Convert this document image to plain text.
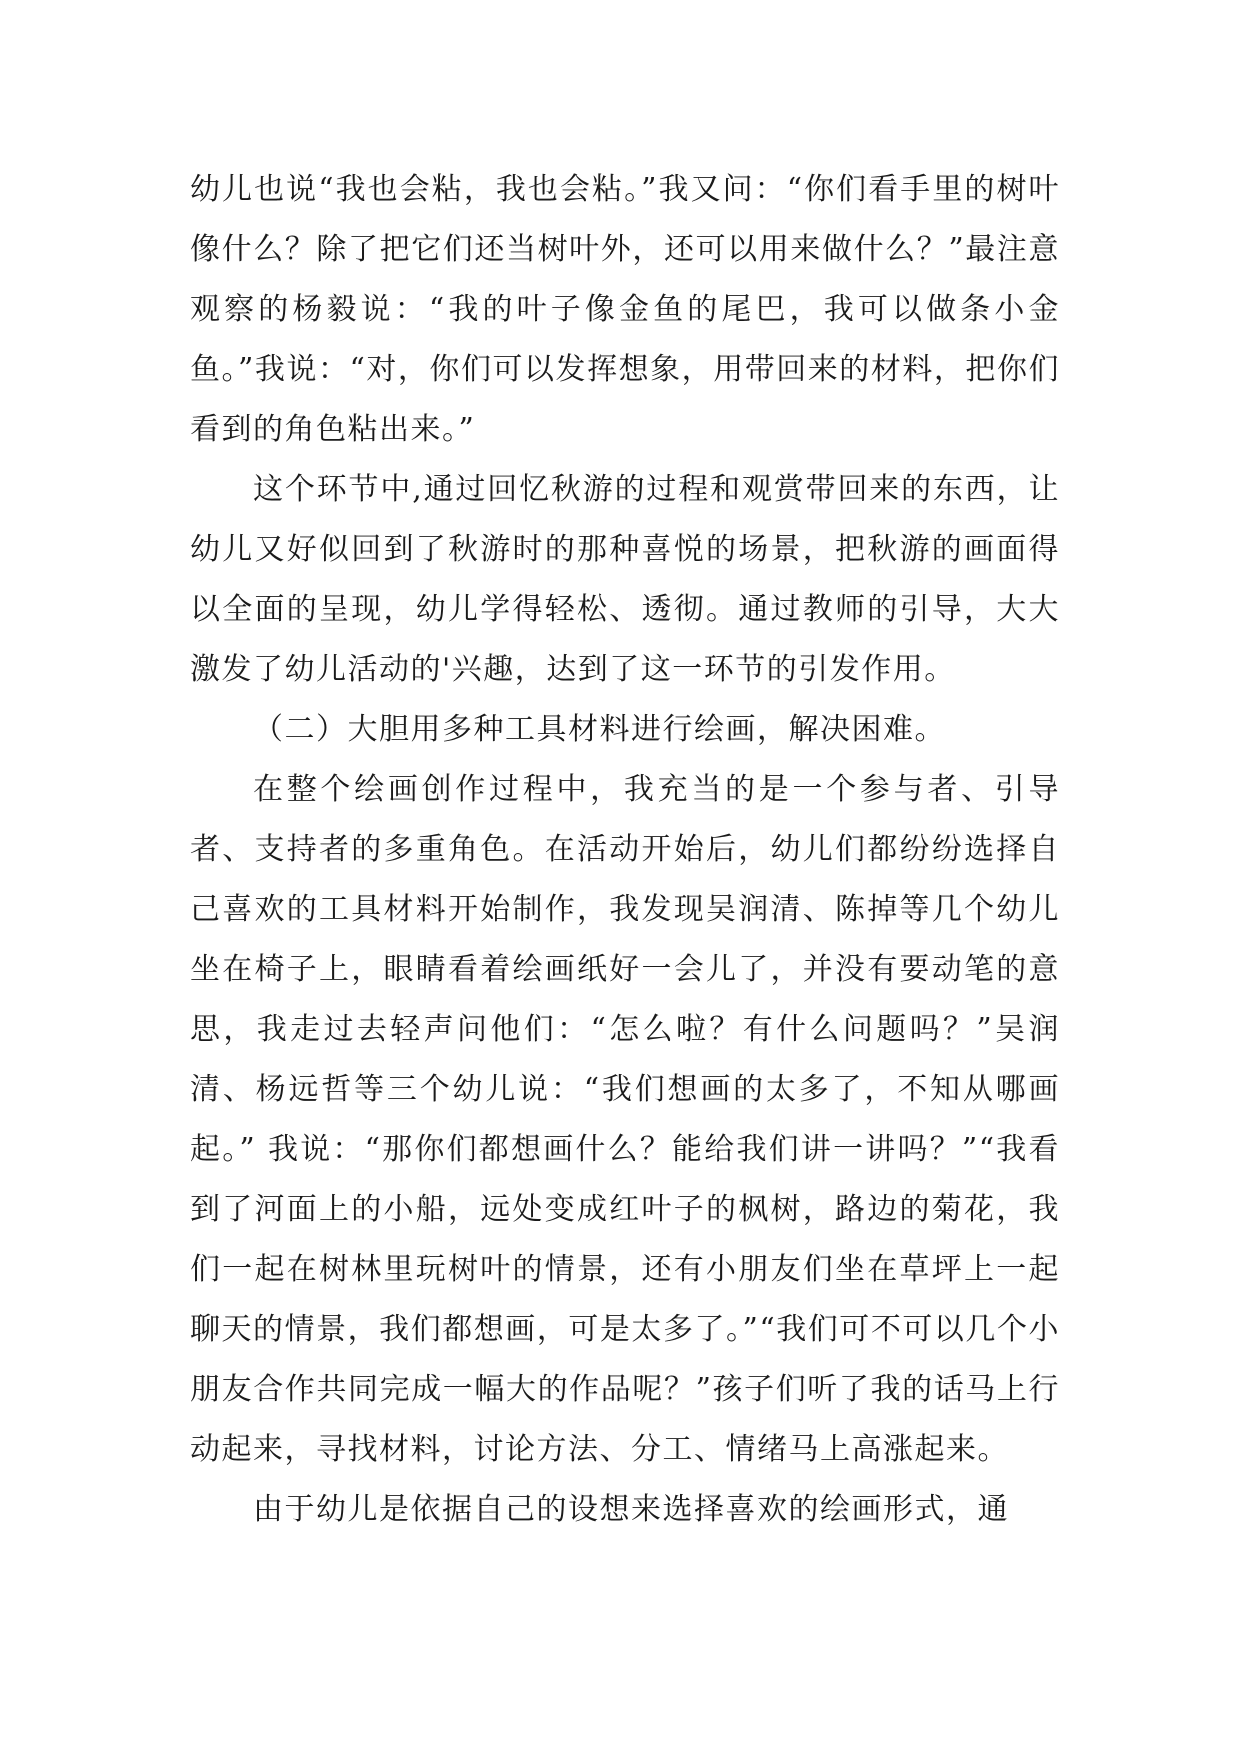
幼儿也说“我也会粘，我也会粘。”我又问：“你们看手里的树叶像什么？除了把它们还当树叶外，还可以用来做什么？”最注意观察的杨毅说：“我的叶子像金鱼的尾巴，我可以做条小金鱼。”我说：“对，你们可以发挥想象，用带回来的材料，把你们看到的角色粘出来。”

这个环节中,通过回忆秋游的过程和观赏带回来的东西，让幼儿又好似回到了秋游时的那种喜悦的场景，把秋游的画面得以全面的呈现，幼儿学得轻松、透彻。通过教师的引导，大大激发了幼儿活动的'兴趣，达到了这一环节的引发作用。

（二）大胆用多种工具材料进行绘画，解决困难。

在整个绘画创作过程中，我充当的是一个参与者、引导者、支持者的多重角色。在活动开始后，幼儿们都纷纷选择自己喜欢的工具材料开始制作，我发现吴润清、陈掉等几个幼儿坐在椅子上，眼睛看着绘画纸好一会儿了，并没有要动笔的意思，我走过去轻声问他们：“怎么啦？有什么问题吗？”吴润清、杨远哲等三个幼儿说：“我们想画的太多了，不知从哪画起。” 我说：“那你们都想画什么？能给我们讲一讲吗？”“我看到了河面上的小船，远处变成红叶子的枫树，路边的菊花，我们一起在树林里玩树叶的情景，还有小朋友们坐在草坪上一起聊天的情景，我们都想画，可是太多了。”“我们可不可以几个小朋友合作共同完成一幅大的作品呢？”孩子们听了我的话马上行动起来，寻找材料，讨论方法、分工、情绪马上高涨起来。

由于幼儿是依据自己的设想来选择喜欢的绘画形式，通
